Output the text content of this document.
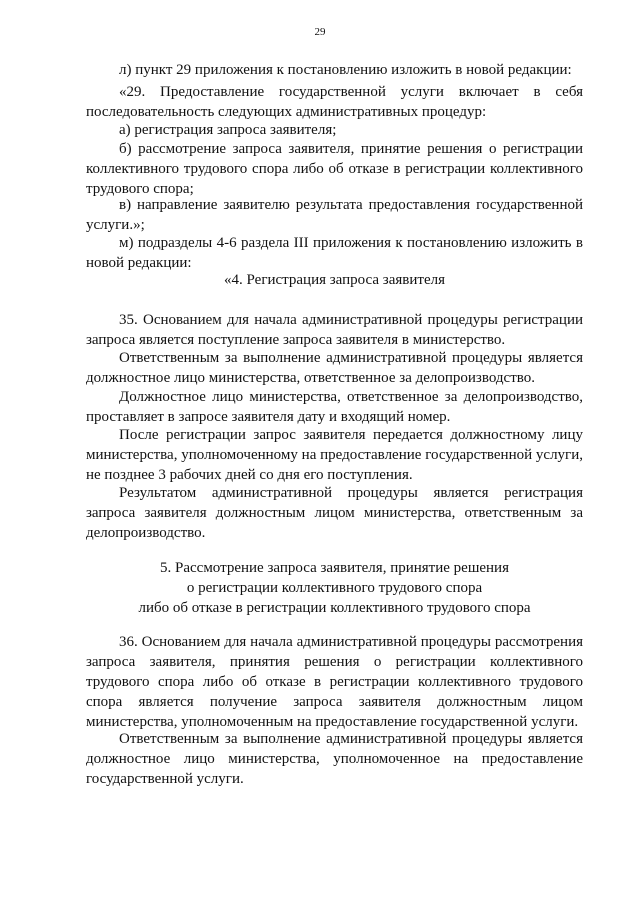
29
л) пункт 29 приложения к постановлению изложить в новой редакции:
«29. Предоставление государственной услуги включает в себя последовательность следующих административных процедур:
а) регистрация запроса заявителя;
б) рассмотрение запроса заявителя, принятие решения о регистрации коллективного трудового спора либо об отказе в регистрации коллективного трудового спора;
в) направление заявителю результата предоставления государственной услуги.»;
м) подразделы 4-6 раздела III приложения к постановлению изложить в новой редакции:
«4. Регистрация запроса заявителя
35. Основанием для начала административной процедуры регистрации запроса является поступление запроса заявителя в министерство.
Ответственным за выполнение административной процедуры является должностное лицо министерства, ответственное за делопроизводство.
Должностное лицо министерства, ответственное за делопроизводство, проставляет в запросе заявителя дату и входящий номер.
После регистрации запрос заявителя передается должностному лицу министерства, уполномоченному на предоставление государственной услуги, не позднее 3 рабочих дней со дня его поступления.
Результатом административной процедуры является регистрация запроса заявителя должностным лицом министерства, ответственным за делопроизводство.
5. Рассмотрение запроса заявителя, принятие решения
о регистрации коллективного трудового спора
либо об отказе в регистрации коллективного трудового спора
36. Основанием для начала административной процедуры рассмотрения запроса заявителя, принятия решения о регистрации коллективного трудового спора либо об отказе в регистрации коллективного трудового спора является получение запроса заявителя должностным лицом министерства, уполномоченным на предоставление государственной услуги.
Ответственным за выполнение административной процедуры является должностное лицо министерства, уполномоченное на предоставление государственной услуги.
